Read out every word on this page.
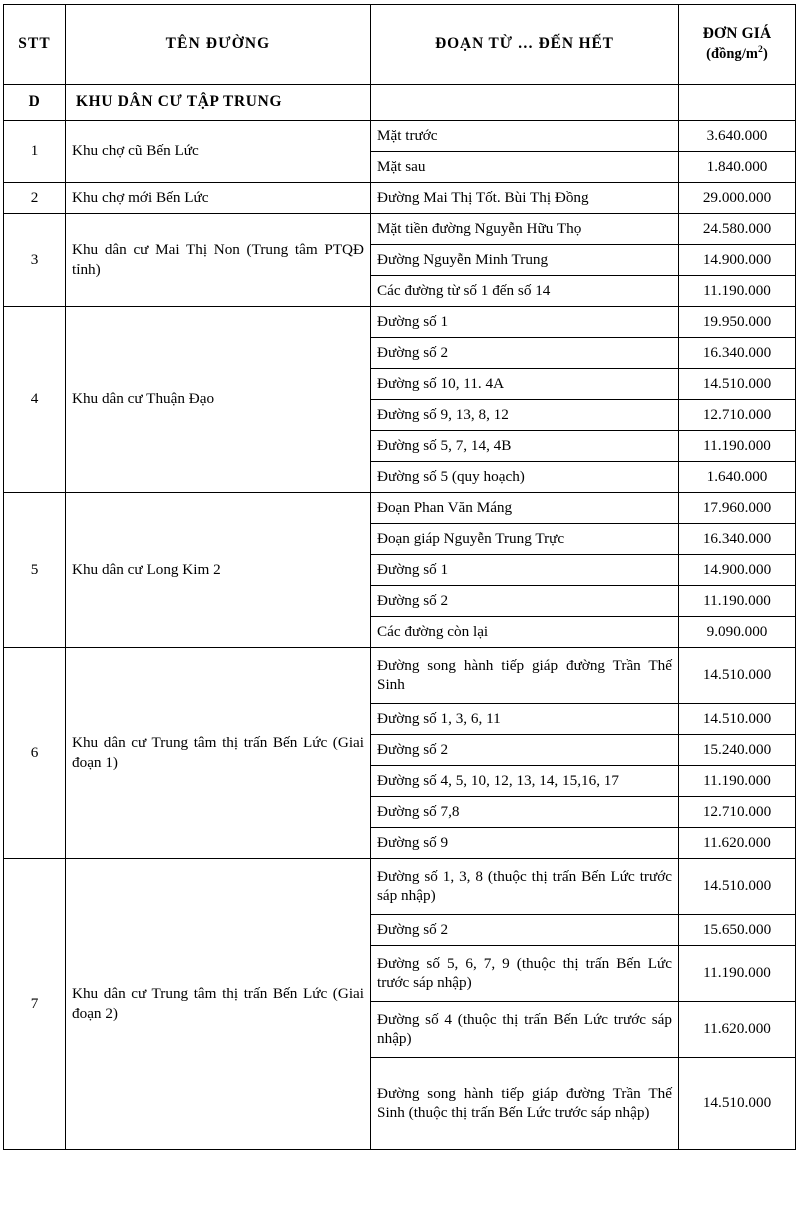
STT	TÊN ĐƯỜNG	ĐOẠN TỪ … ĐẾN HẾT	ĐƠN GIÁ
$(đồng/m^2)$

D	KHU DÂN CƯ TẬP TRUNG		
1	Khu chợ cũ Bến Lức	Mặt trước	3.640.000
		Mặt sau	1.840.000
2	Khu chợ mới Bến Lức	Đường Mai Thị Tốt. Bùi Thị Đồng	29.000.000
3	Khu dân cư Mai Thị Non (Trung tâm PTQĐ tỉnh)	Mặt tiền đường Nguyễn Hữu Thọ	24.580.000
		Đường Nguyễn Minh Trung	14.900.000
		Các đường từ số 1 đến số 14	11.190.000
4	Khu dân cư Thuận Đạo	Đường số 1	19.950.000
		Đường số 2	16.340.000
		Đường số 10, 11. 4A	14.510.000
		Đường số 9, 13, 8, 12	12.710.000
		Đường số 5, 7, 14, 4B	11.190.000
		Đường số 5 (quy hoạch)	1.640.000
5	Khu dân cư Long Kim 2	Đoạn Phan Văn Máng	17.960.000
		Đoạn giáp Nguyễn Trung Trực	16.340.000
		Đường số 1	14.900.000
		Đường số 2	11.190.000
		Các đường còn lại	9.090.000
6	Khu dân cư Trung tâm thị trấn Bến Lức (Giai đoạn 1)	Đường song hành tiếp giáp đường Trần Thế Sinh	14.510.000
		Đường số 1, 3, 6, 11	14.510.000
		Đường số 2	15.240.000
		Đường số 4, 5, 10, 12, 13, 14, 15,16, 17	11.190.000
		Đường số 7,8	12.710.000
		Đường số 9	11.620.000
7	Khu dân cư Trung tâm thị trấn Bến Lức (Giai đoạn 2)	Đường số 1, 3, 8 (thuộc thị trấn Bến Lức trước sáp nhập)	14.510.000
		Đường số 2	15.650.000
		Đường số 5, 6, 7, 9 (thuộc thị trấn Bến Lức trước sáp nhập)	11.190.000
		Đường số 4 (thuộc thị trấn Bến Lức trước sáp nhập)	11.620.000
		Đường song hành tiếp giáp đường Trần Thế Sinh (thuộc thị trấn Bến Lức trước sáp nhập)	14.510.000
